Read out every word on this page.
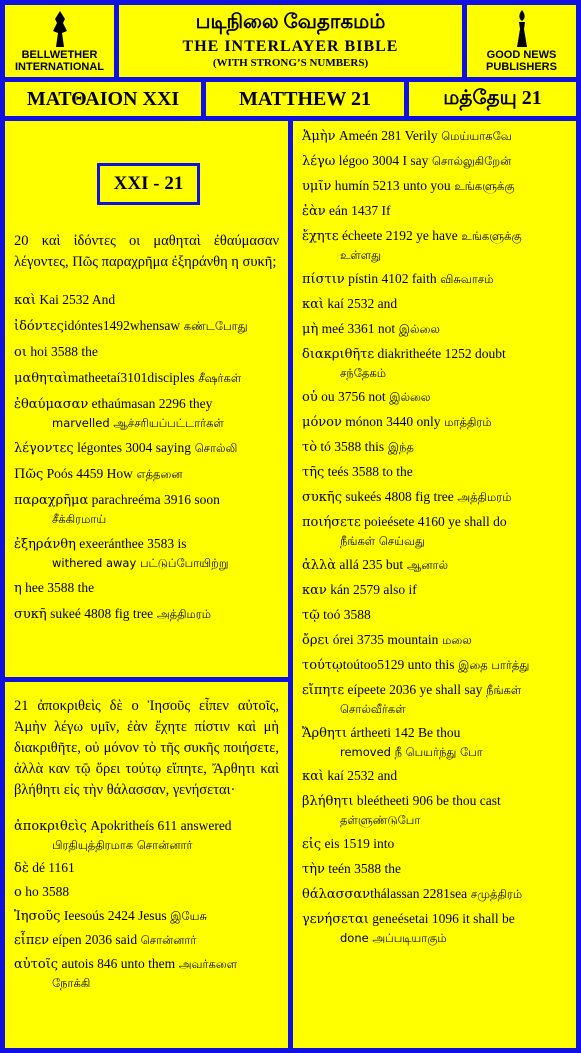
BELLWETHER
INTERNATIONAL
படிநிலை வேதாகமம்
THE INTERLAYER BIBLE
(WITH STRONG’S NUMBERS)
GOOD NEWS
PUBLISHERS
ΜΑΤΘΑΙΟΝ XXI	MATTHEW 21	மத்தேயு 21
20 καὶ ἰδόντες οι μαθηταὶ ἐθαύμασαν λέγοντες, Πῶς παραχρῆμα ἐξηράνθη η συκῆ;
καὶ Kai 2532 And
ἰδόντεςidóntes1492whensaw கண்டபோது
οι hoi 3588 the
μαθηταὶmatheetaí3101disciples சீஷர்கள்
ἐθαύμασαν ethaúmasan 2296 they
marvelled ஆச்சரியப்பட்டார்கள்
λέγοντες légontes 3004 saying சொல்லி
Πῶς Poós 4459 How எத்தனை
παραχρῆμα parachreéma 3916 soon
சீக்கிரமாய்
ἐξηράνθη exeeránthee 3583 is
withered away பட்டுப்போயிற்று
η hee 3588 the
συκῆ sukeé 4808 fig tree அத்திமரம்
XXI - 21
21 ἀποκριθεὶς δὲ ο Ἰησοῦς εἶπεν αὐτοῖς, Ἀμὴν λέγω υμῖν, ἐὰν ἔχητε πίστιν καὶ μὴ διακριθῆτε, οὐ μόνον τὸ τῆς συκῆς ποιήσετε, ἀλλὰ καν τῷ ὄρει τούτῳ εἴπητε, Ἄρθητι καὶ βλήθητι εἰς τὴν θάλασσαν, γενήσεται·
ἀποκριθεὶς Apokritheís 611 answered
பிரதியுத்திரமாக சொன்னார்
δὲ dé 1161
ο ho 3588
Ἰησοῦς Ieesoús 2424 Jesus இயேசு
εἶπεν eípen 2036 said சொன்னார்
αὐτοῖς autois 846 unto them அவர்களை
நோக்கி
Ἀμὴν Ameén 281 Verily மெய்யாகவே
λέγω légoo 3004 I say சொல்லுகிறேன்
υμῖν humín 5213 unto you உங்களுக்கு
ἐὰν eán 1437 If
ἔχητε écheete 2192 ye have உங்களுக்கு
உள்ளது
πίστιν pístin 4102 faith விசுவாசம்
καὶ kaí 2532 and
μὴ meé 3361 not இல்லை
διακριθῆτε diakritheéte 1252 doubt
சந்தேகம்
οὐ ou 3756 not இல்லை
μόνον mónon 3440 only மாத்திரம்
τὸ tó 3588 this இந்த
τῆς teés 3588 to the
συκῆς sukeés 4808 fig tree அத்திமரம்
ποιήσετε poieésete 4160 ye shall do
நீங்கள் செய்வது
ἀλλὰ allá 235 but ஆனால்
καν kán 2579 also if
τῷ toó 3588
ὄρει órei 3735 mountain மலை
τούτῳtoútoo5129 unto this இதை பார்த்து
εἴπητε eípeete 2036 ye shall say நீங்கள்
சொல்வீர்கள்
Ἄρθητι ártheeti 142 Be thou
removed நீ பெயர்ந்து போ
καὶ kaí 2532 and
βλήθητι bleétheeti 906 be thou cast
தள்ளுண்டுபோ
εἰς eis 1519 into
τὴν teén 3588 the
θάλασσανthálassan 2281sea சமுத்திரம்
γενήσεται geneésetai 1096 it shall be
done அப்படியாகும்
